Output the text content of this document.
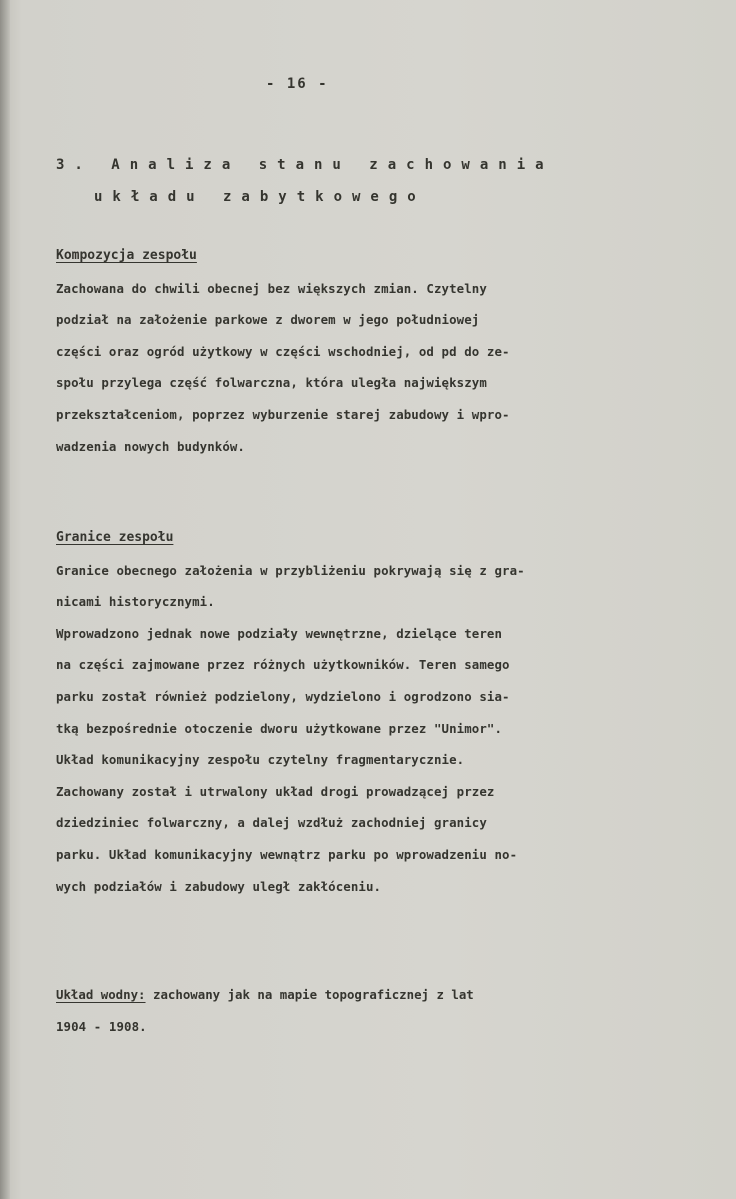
- 16 -
3. Analiza stanu zachowania
układu zabytkowego
Kompozycja zespołu
Zachowana do chwili obecnej bez większych zmian. Czytelny
podział na założenie parkowe z dworem w jego południowej
części oraz ogród użytkowy w części wschodniej, od pd do ze-
społu przylega część folwarczna, która uległa największym
przekształceniom, poprzez wyburzenie starej zabudowy i wpro-
wadzenia nowych budynków.
Granice zespołu
Granice obecnego założenia w przybliżeniu pokrywają się z gra-
nicami historycznymi.
Wprowadzono jednak nowe podziały wewnętrzne, dzielące teren
na części zajmowane przez różnych użytkowników. Teren samego
parku został również podzielony, wydzielono i ogrodzono sia-
tką bezpośrednie otoczenie dworu użytkowane przez "Unimor".
Układ komunikacyjny zespołu czytelny fragmentarycznie.
Zachowany został i utrwalony układ drogi prowadzącej przez
dziedziniec folwarczny, a dalej wzdłuż zachodniej granicy
parku. Układ komunikacyjny wewnątrz parku po wprowadzeniu no-
wych podziałów i zabudowy uległ zakłóceniu.
Układ wodny: zachowany jak na mapie topograficznej z lat
1904 - 1908.
